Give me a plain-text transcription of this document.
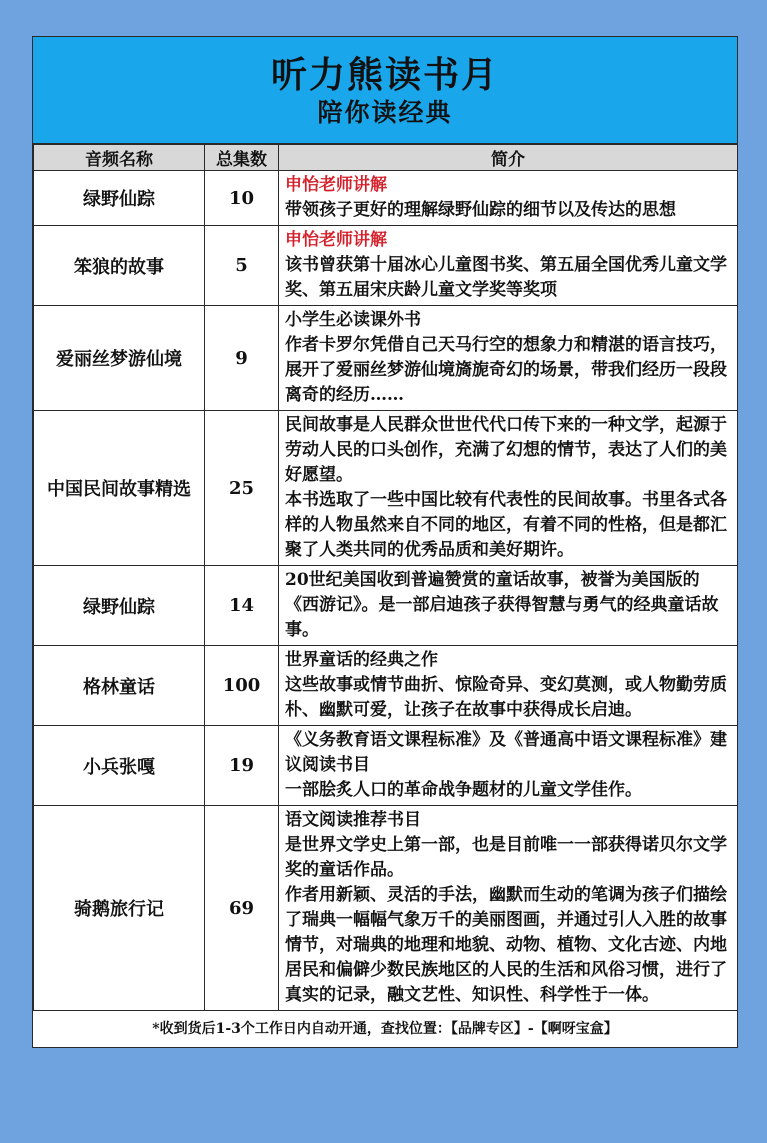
听力熊读书月
陪你读经典
音频名称	总集数	简介
绿野仙踪	10	申怡老师讲解
带领孩子更好的理解绿野仙踪的细节以及传达的思想

笨狼的故事	5	申怡老师讲解
该书曾获第十届冰心儿童图书奖、第五届全国优秀儿童文学奖、第五届宋庆龄儿童文学奖等奖项

爱丽丝梦游仙境	9	小学生必读课外书
作者卡罗尔凭借自己天马行空的想象力和精湛的语言技巧，展开了爱丽丝梦游仙境旖旎奇幻的场景，带我们经历一段段离奇的经历……

中国民间故事精选	25	民间故事是人民群众世世代代口传下来的一种文学，起源于劳动人民的口头创作，充满了幻想的情节，表达了人们的美好愿望。
本书选取了一些中国比较有代表性的民间故事。书里各式各样的人物虽然来自不同的地区，有着不同的性格，但是都汇聚了人类共同的优秀品质和美好期许。

绿野仙踪	14	20世纪美国收到普遍赞赏的童话故事，被誉为美国版的《西游记》。是一部启迪孩子获得智慧与勇气的经典童话故事。

格林童话	100	世界童话的经典之作
这些故事或情节曲折、惊险奇异、变幻莫测，或人物勤劳质朴、幽默可爱，让孩子在故事中获得成长启迪。

小兵张嘎	19	《义务教育语文课程标准》及《普通高中语文课程标准》建议阅读书目
一部脍炙人口的革命战争题材的儿童文学佳作。

骑鹅旅行记	69	语文阅读推荐书目
是世界文学史上第一部，也是目前唯一一部获得诺贝尔文学奖的童话作品。
作者用新颖、灵活的手法，幽默而生动的笔调为孩子们描绘了瑞典一幅幅气象万千的美丽图画，并通过引人入胜的故事情节，对瑞典的地理和地貌、动物、植物、文化古迹、内地居民和偏僻少数民族地区的人民的生活和风俗习惯，进行了真实的记录，融文艺性、知识性、科学性于一体。
*收到货后1-3个工作日内自动开通，查找位置：【品牌专区】-【啊呀宝盒】
